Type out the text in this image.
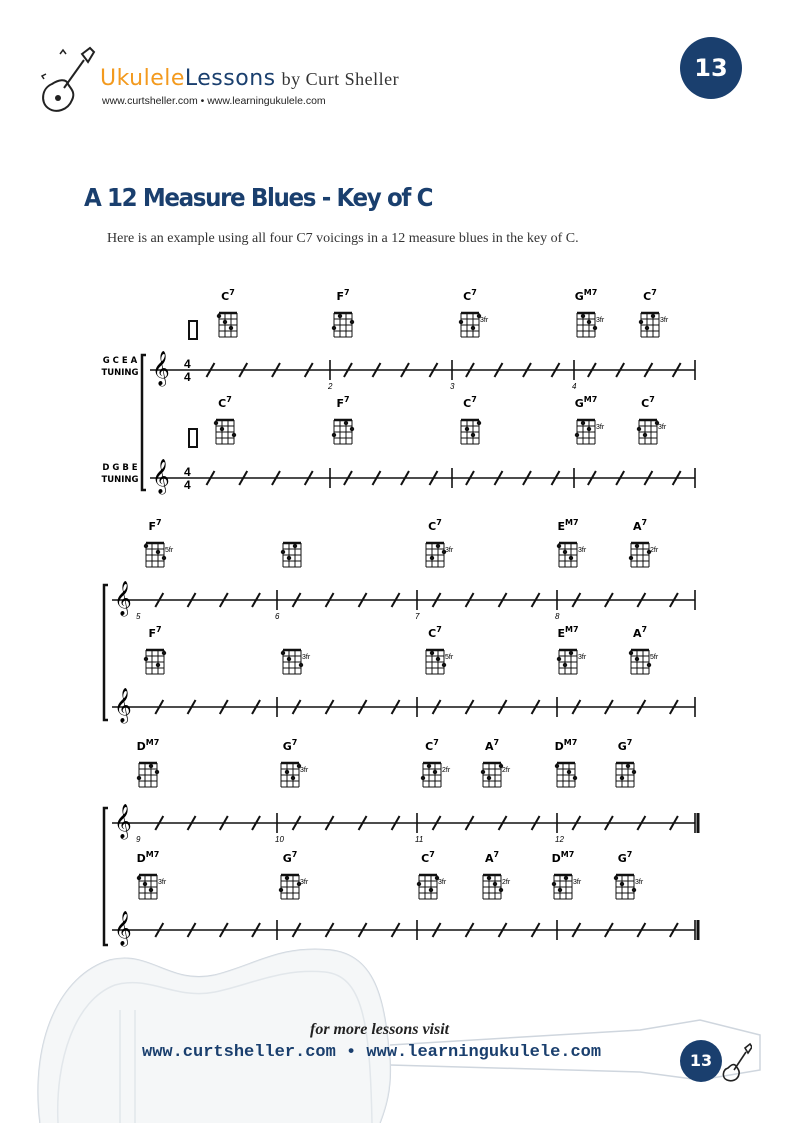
UkuleleLessons by Curt Sheller
www.curtsheller.com • www.learningukulele.com
13
A 12 Measure Blues - Key of C
Here is an example using all four C7 voicings in a 12 measure blues in the key of C.
𝄞 4
4
𝄞 4
4
𝄞
𝄞
𝄞
𝄞
2	3	4
5	6	7	8
9	10	11	12
G C E A
TUNING
D G B E
TUNING
$C^7$	$F^7$	$C^7$
3fr
$G^{M7}$
3fr
$C^7$
3fr
$C^7$	$F^7$	$C^7$	$G^{M7}$
3fr
$C^7$
3fr
$F^7$
5fr
$C^7$
3fr
$E^{M7}$
3fr
$A^7$
2fr
$F^7$	$C^7$
5fr
$E^{M7}$
3fr
$A^7$
5fr
$D^{M7}$	$G^7$
3fr
$C^7$
2fr
$A^7$
2fr
$D^{M7}$	$G^7$
$D^{M7}$
3fr
$G^7$
3fr
$C^7$
3fr
$A^7$
2fr
$D^{M7}$
3fr
$G^7$
3fr
3fr
for more lessons visit
www.curtsheller.com • www.learningukulele.com	13
